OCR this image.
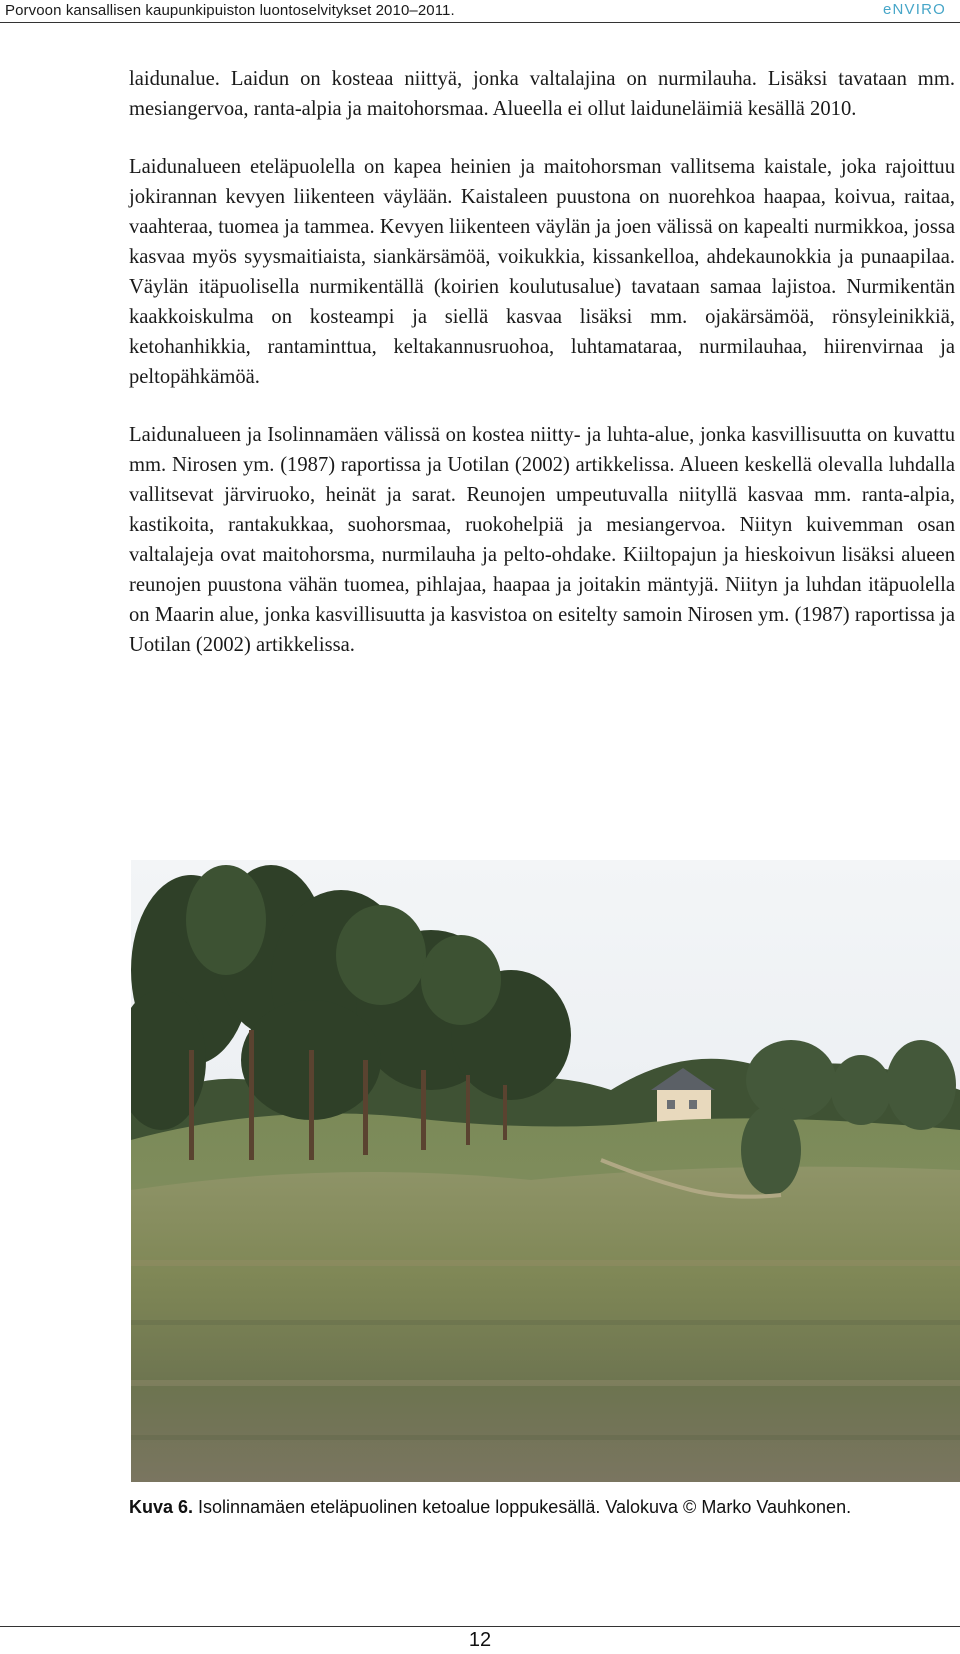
Porvoon kansallisen kaupunkipuiston luontoselvitykset 2010–2011.	eNVIRO

laidunalue. Laidun on kosteaa niittyä, jonka valtalajina on nurmilauha. Lisäksi tavataan mm. mesiangervoa, ranta-alpia ja maitohorsmaa. Alueella ei ollut laiduneläimiä kesällä 2010.

Laidunalueen eteläpuolella on kapea heinien ja maitohorsman vallitsema kaistale, joka rajoittuu jokirannan kevyen liikenteen väylään. Kaistaleen puustona on nuorehkoa haapaa, koivua, raitaa, vaahteraa, tuomea ja tammea. Kevyen liikenteen väylän ja joen välissä on kapealti nurmikkoa, jossa kasvaa myös syysmaitiaista, siankärsämöä, voikukkia, kissankelloa, ahdekaunokkia ja punaapilaa. Väylän itäpuolisella nurmikentällä (koirien koulutusalue) tavataan samaa lajistoa. Nurmikentän kaakkoiskulma on kosteampi ja siellä kasvaa lisäksi mm. ojakärsämöä, rönsyleinikkiä, ketohanhikkia, rantaminttua, keltakannusruohoa, luhtamataraa, nurmilauhaa, hiirenvirnaa ja peltopähkämöä.

Laidunalueen ja Isolinnamäen välissä on kostea niitty- ja luhta-alue, jonka kasvillisuutta on kuvattu mm. Nirosen ym. (1987) raportissa ja Uotilan (2002) artikkelissa. Alueen keskellä olevalla luhdalla vallitsevat järviruoko, heinät ja sarat. Reunojen umpeutuvalla niityllä kasvaa mm. ranta-alpia, kastikoita, rantakukkaa, suohorsmaa, ruokohelpiä ja mesiangervoa. Niityn kuivemman osan valtalajeja ovat maitohorsma, nurmilauha ja pelto-ohdake. Kiiltopajun ja hieskoivun lisäksi alueen reunojen puustona vähän tuomea, pihlajaa, haapaa ja joitakin mäntyjä. Niityn ja luhdan itäpuolella on Maarin alue, jonka kasvillisuutta ja kasvistoa on esitelty samoin Nirosen ym. (1987) raportissa ja Uotilan (2002) artikkelissa.

Kuva 6. Isolinnamäen eteläpuolinen ketoalue loppukesällä. Valokuva © Marko Vauhkonen.
12
